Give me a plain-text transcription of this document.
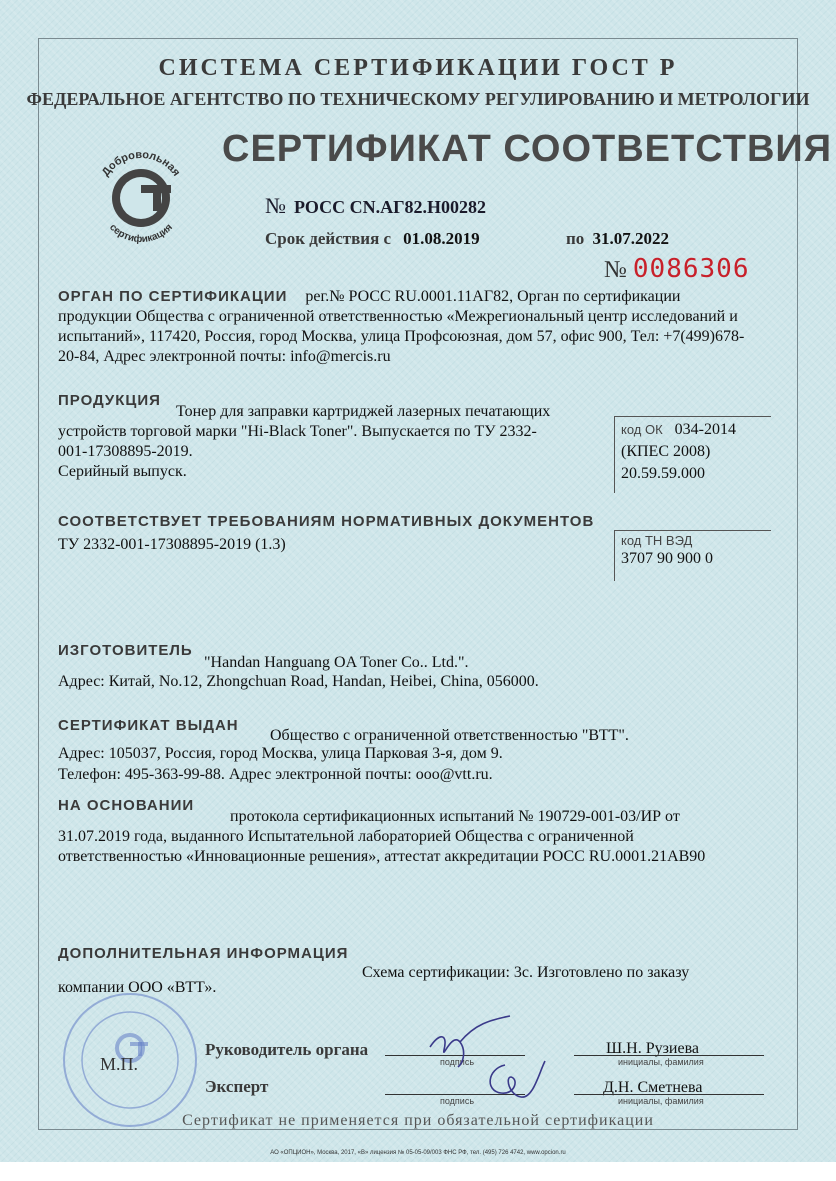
СИСТЕМА СЕРТИФИКАЦИИ ГОСТ Р
ФЕДЕРАЛЬНОЕ АГЕНТСТВО ПО ТЕХНИЧЕСКОМУ РЕГУЛИРОВАНИЮ И МЕТРОЛОГИИ
Добровольная
сертификация
СЕРТИФИКАТ СООТВЕТСТВИЯ
№ РОСС CN.АГ82.Н00282
Срок действия с 01.08.2019	по 31.07.2022
№ 0086306
ОРГАН ПО СЕРТИФИКАЦИИ рег.№ РОСС RU.0001.11АГ82, Орган по сертификации
продукции Общества с ограниченной ответственностью «Межрегиональный центр исследований и
испытаний», 117420, Россия, город Москва, улица Профсоюзная, дом 57, офис 900, Тел: +7(499)678-
20-84, Адрес электронной почты: info@mercis.ru
ПРОДУКЦИЯ
Тонер для заправки картриджей лазерных печатающих
устройств торговой марки "Hi-Black Toner". Выпускается по ТУ 2332-
001-17308895-2019.
Серийный выпуск.
код ОК 034-2014
(КПЕС 2008)
20.59.59.000
СООТВЕТСТВУЕТ ТРЕБОВАНИЯМ НОРМАТИВНЫХ ДОКУМЕНТОВ
ТУ 2332-001-17308895-2019 (1.3)	код ТН ВЭД
3707 90 900 0
ИЗГОТОВИТЕЛЬ
"Handan Hanguang OA Toner Co.. Ltd.".
Адрес: Китай, No.12, Zhongchuan Road, Handan, Heibei, China, 056000.
СЕРТИФИКАТ ВЫДАН
Общество с ограниченной ответственностью "ВТТ".
Адрес: 105037, Россия, город Москва, улица Парковая 3-я, дом 9.
Телефон: 495-363-99-88. Адрес электронной почты: ooo@vtt.ru.
НА ОСНОВАНИИ
протокола сертификационных испытаний № 190729-001-03/ИР от
31.07.2019 года, выданного Испытательной лабораторией Общества с ограниченной
ответственностью «Инновационные решения», аттестат аккредитации РОСС RU.0001.21АВ90
ДОПОЛНИТЕЛЬНАЯ ИНФОРМАЦИЯ
Схема сертификации: 3с. Изготовлено по заказу
компании ООО «ВТТ».
М.П.
Руководитель органа
подпись
Ш.Н. Рузиева
инициалы, фамилия
Эксперт
подпись
Д.Н. Сметнева
инициалы, фамилия
Сертификат не применяется при обязательной сертификации
АО «ОПЦИОН», Москва, 2017, «В» лицензия № 05-05-09/003 ФНС РФ, тел. (495) 726 4742, www.opcion.ru
